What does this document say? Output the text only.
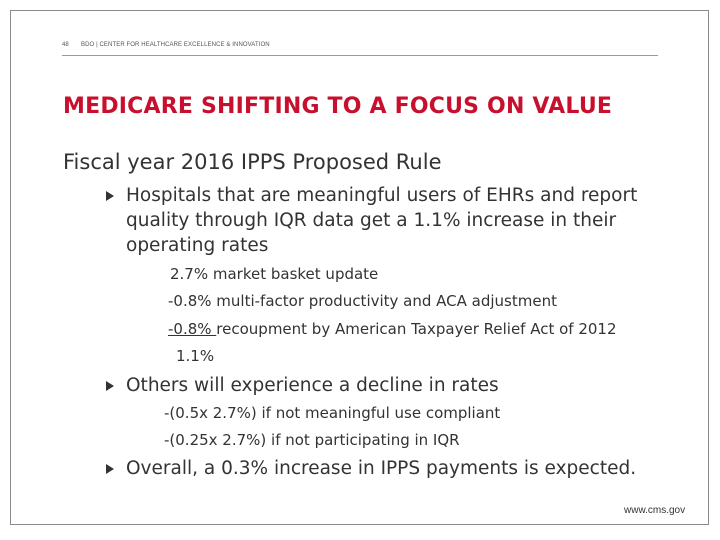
48 BDO | CENTER FOR HEALTHCARE EXCELLENCE & INNOVATION
MEDICARE SHIFTING TO A FOCUS ON VALUE
Fiscal year 2016 IPPS Proposed Rule
Hospitals that are meaningful users of EHRs and report
quality through IQR data get a 1.1% increase in their
operating rates
2.7% market basket update
-0.8% multi-factor productivity and ACA adjustment
-0.8% recoupment by American Taxpayer Relief Act of 2012
1.1%
Others will experience a decline in rates
-(0.5x 2.7%) if not meaningful use compliant
-(0.25x 2.7%) if not participating in IQR
Overall, a 0.3% increase in IPPS payments is expected.
www.cms.gov
